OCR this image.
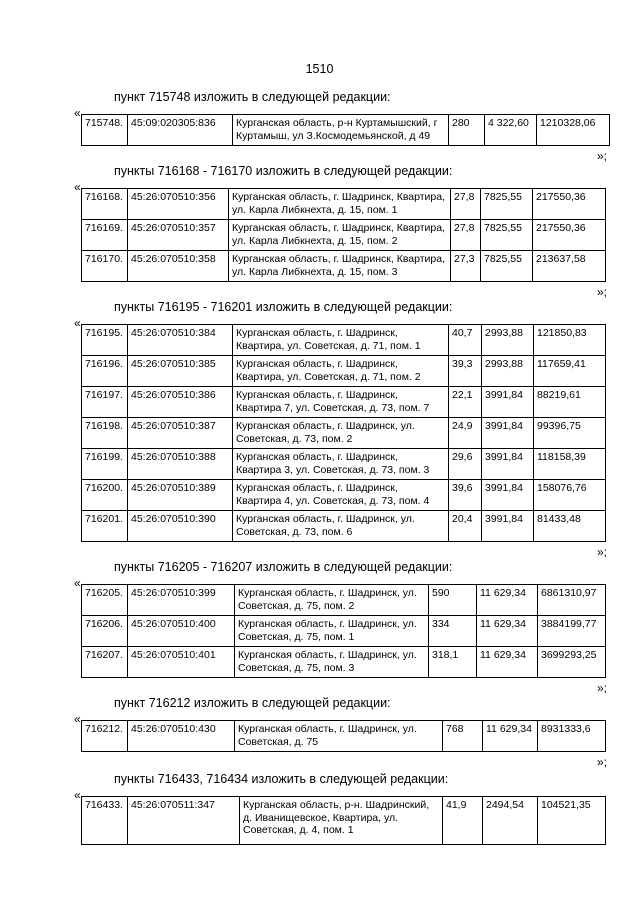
1510
пункт 715748 изложить в следующей редакции:
«
715748.	45:09:020305:836	Курганская область, р-н Куртамышский, г Куртамыш, ул З.Космодемьянской, д 49	280	4 322,60	1210328,06
»;
пункты 716168 - 716170 изложить в следующей редакции:
«
716168.	45:26:070510:356	Курганская область, г. Шадринск, Квартира, ул. Карла Либкнехта, д. 15, пом. 1	27,8	7825,55	217550,36
716169.	45:26:070510:357	Курганская область, г. Шадринск, Квартира, ул. Карла Либкнехта, д. 15, пом. 2	27,8	7825,55	217550,36
716170.	45:26:070510:358	Курганская область, г. Шадринск, Квартира, ул. Карла Либкнехта, д. 15, пом. 3	27,3	7825,55	213637,58
»;
пункты 716195 - 716201 изложить в следующей редакции:
«
716195.	45:26:070510:384	Курганская область, г. Шадринск, Квартира, ул. Советская, д. 71, пом. 1	40,7	2993,88	121850,83
716196.	45:26:070510:385	Курганская область, г. Шадринск, Квартира, ул. Советская, д. 71, пом. 2	39,3	2993,88	117659,41
716197.	45:26:070510:386	Курганская область, г. Шадринск, Квартира 7, ул. Советская, д. 73, пом. 7	22,1	3991,84	88219,61
716198.	45:26:070510:387	Курганская область, г. Шадринск, ул. Советская, д. 73, пом. 2	24,9	3991,84	99396,75
716199.	45:26:070510:388	Курганская область, г. Шадринск, Квартира 3, ул. Советская, д. 73, пом. 3	29,6	3991,84	118158,39
716200.	45:26:070510:389	Курганская область, г. Шадринск, Квартира 4, ул. Советская, д. 73, пом. 4	39,6	3991,84	158076,76
716201.	45:26:070510:390	Курганская область, г. Шадринск, ул. Советская, д. 73, пом. 6	20,4	3991,84	81433,48
»;
пункты 716205 - 716207 изложить в следующей редакции:
«
716205.	45:26:070510:399	Курганская область, г. Шадринск, ул. Советская, д. 75, пом. 2	590	11 629,34	6861310,97
716206.	45:26:070510:400	Курганская область, г. Шадринск, ул. Советская, д. 75, пом. 1	334	11 629,34	3884199,77
716207.	45:26:070510:401	Курганская область, г. Шадринск, ул. Советская, д. 75, пом. 3	318,1	11 629,34	3699293,25
»;
пункт 716212 изложить в следующей редакции:
«
716212.	45:26:070510:430	Курганская область, г. Шадринск, ул. Советская, д. 75	768	11 629,34	8931333,6
»;
пункты 716433, 716434 изложить в следующей редакции:
«
716433.	45:26:070511:347	Курганская область, р-н. Шадринский, д. Иванищевское, Квартира, ул. Советская, д. 4, пом. 1	41,9	2494,54	104521,35
